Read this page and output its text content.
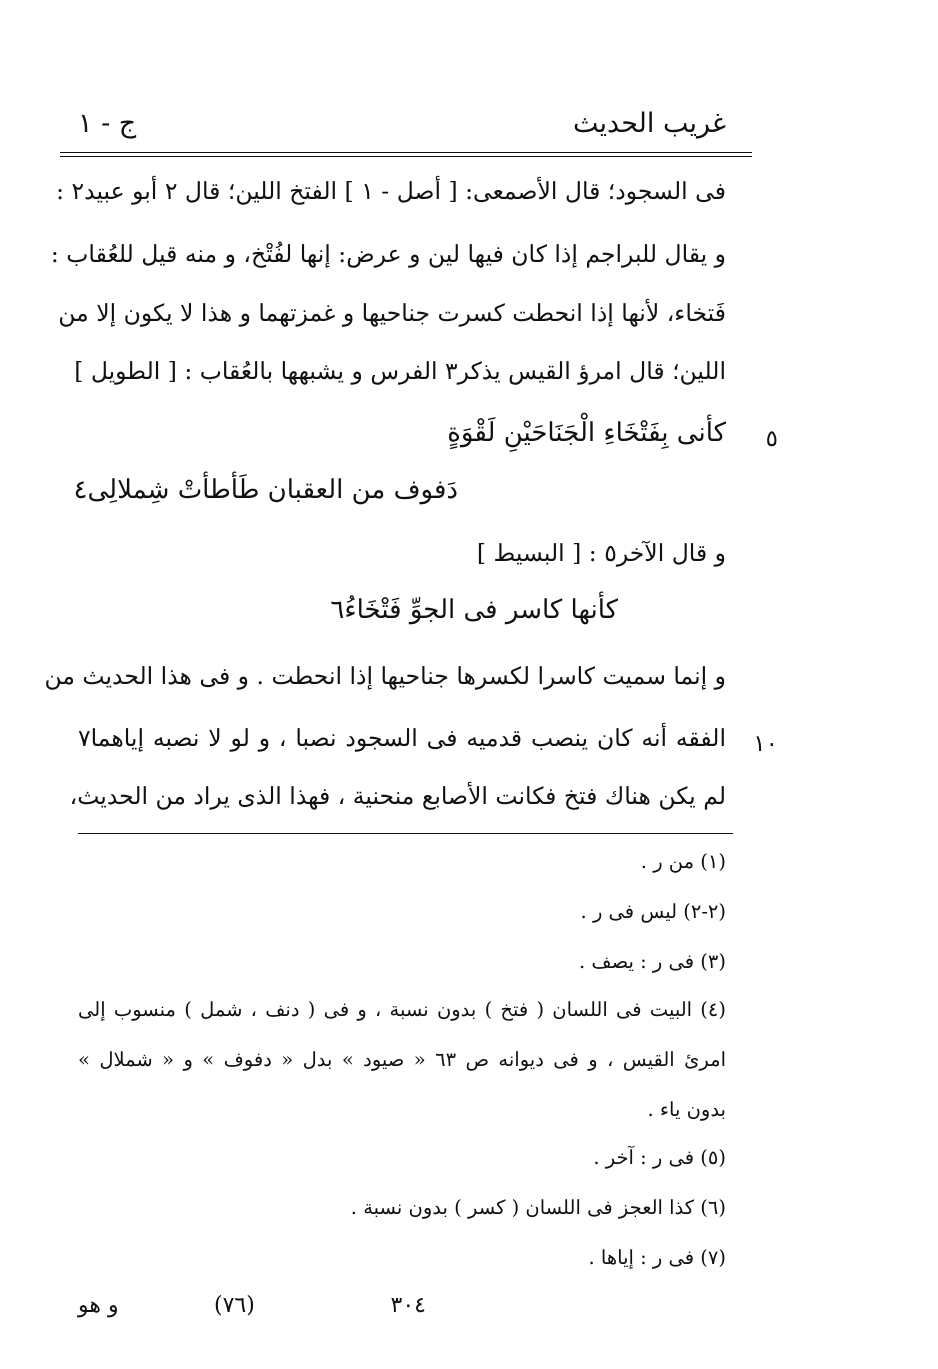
غريب الحديث
ج - ١
فى السجود؛ قال الأصمعى: [ أصل - ١ ] الفتخ اللين؛ قال ٢ أبو عبيد٢ :
و يقال للبراجم إذا كان فيها لين و عرض: إنها لفُتْخ، و منه قيل للعُقاب :
فَتخاء، لأنها إذا انحطت كسرت جناحيها و غمزتهما و هذا لا يكون إلا من
اللين؛ قال امرؤ القيس يذكر٣ الفرس و يشبهها بالعُقاب : [ الطويل ]
٥
كأنى بِفَتْخَاءِ الْجَنَاحَيْنِ لَقْوَةٍ
دَفوف من العقبان طَأطأتْ شِملالِى٤
و قال الآخر٥ : [ البسيط ]
كأنها كاسر فى الجوِّ فَتْخَاءُ٦
و إنما سميت كاسرا لكسرها جناحيها إذا انحطت . و فى هذا الحديث من
١٠
الفقه أنه كان ينصب قدميه فى السجود نصبا ، و لو لا نصبه إياهما٧
لم يكن هناك فتخ فكانت الأصابع منحنية ، فهذا الذى يراد من الحديث،
(١) من ر .
(٢-٢) ليس فى ر .
(٣) فى ر : يصف .
(٤) البيت فى اللسان ( فتخ ) بدون نسبة ، و فى ( دنف ، شمل ) منسوب إلى
امرئ القيس ، و فى ديوانه ص ٦٣ « صيود » بدل « دفوف » و « شملال »
بدون ياء .
(٥) فى ر : آخر .
(٦) كذا العجز فى اللسان ( كسر ) بدون نسبة .
(٧) فى ر : إياها .
٣٠٤
(٧٦)
و هو
